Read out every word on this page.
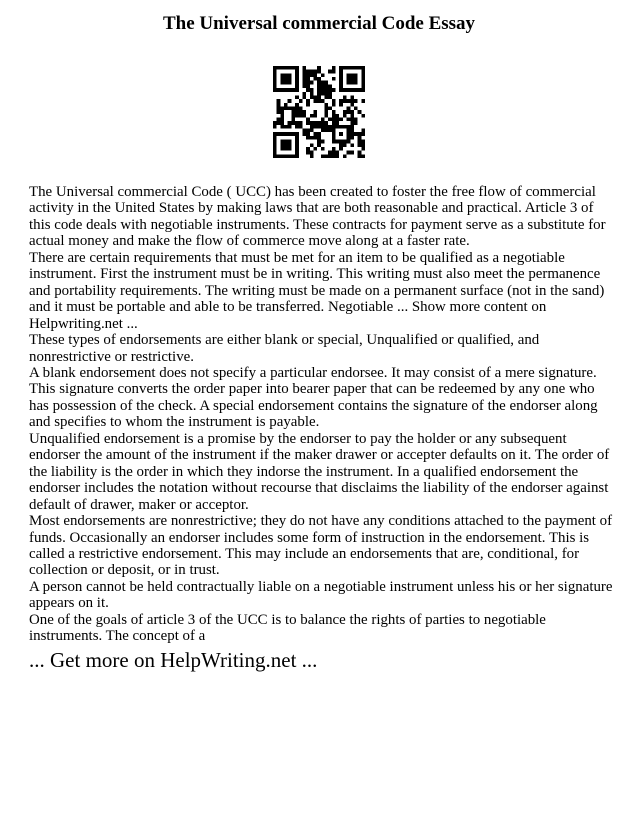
The Universal commercial Code Essay

The Universal commercial Code ( UCC) has been created to foster the free flow of commercial activity in the United States by making laws that are both reasonable and practical. Article 3 of this code deals with negotiable instruments. These contracts for payment serve as a substitute for actual money and make the flow of commerce move along at a faster rate.

There are certain requirements that must be met for an item to be qualified as a negotiable instrument. First the instrument must be in writing. This writing must also meet the permanence and portability requirements. The writing must be made on a permanent surface (not in the sand) and it must be portable and able to be transferred. Negotiable ... Show more content on Helpwriting.net ...

These types of endorsements are either blank or special, Unqualified or qualified, and nonrestrictive or restrictive.

A blank endorsement does not specify a particular endorsee. It may consist of a mere signature. This signature converts the order paper into bearer paper that can be redeemed by any one who has possession of the check. A special endorsement contains the signature of the endorser along and specifies to whom the instrument is payable.

Unqualified endorsement is a promise by the endorser to pay the holder or any subsequent endorser the amount of the instrument if the maker drawer or accepter defaults on it. The order of the liability is the order in which they indorse the instrument. In a qualified endorsement the endorser includes the notation without recourse that disclaims the liability of the endorser against default of drawer, maker or acceptor.

Most endorsements are nonrestrictive; they do not have any conditions attached to the payment of funds. Occasionally an endorser includes some form of instruction in the endorsement. This is called a restrictive endorsement. This may include an endorsements that are, conditional, for collection or deposit, or in trust.

A person cannot be held contractually liable on a negotiable instrument unless his or her signature appears on it.

One of the goals of article 3 of the UCC is to balance the rights of parties to negotiable instruments. The concept of a

... Get more on HelpWriting.net ...
